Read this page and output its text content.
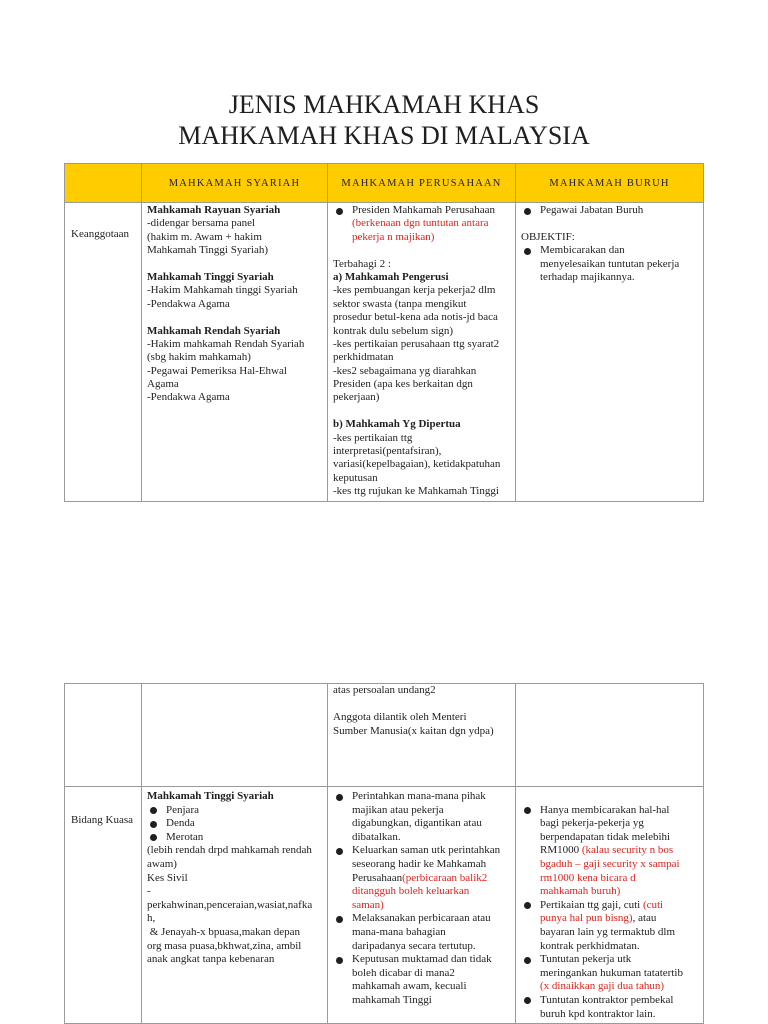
JENIS MAHKAMAH KHAS
MAHKAMAH KHAS DI MALAYSIA
MAHKAMAH SYARIAH	MAHKAMAH PERUSAHAAN	MAHKAMAH BURUH

Keanggotaan

Mahkamah Rayuan Syariah
-didengar bersama panel
(hakim m. Awam + hakim
Mahkamah Tinggi Syariah)
Mahkamah Tinggi Syariah
-Hakim Mahkamah tinggi Syariah
-Pendakwa Agama
Mahkamah Rendah Syariah
-Hakim mahkamah Rendah Syariah
(sbg hakim mahkamah)
-Pegawai Pemeriksa Hal-Ehwal
Agama
-Pendakwa Agama
Presiden Mahkamah Perusahaan
(berkenaan dgn tuntutan antara
pekerja n majikan)
Terbahagi 2 :
a) Mahkamah Pengerusi
-kes pembuangan kerja pekerja2 dlm
sektor swasta (tanpa mengikut
prosedur betul-kena ada notis-jd baca
kontrak dulu sebelum sign)
-kes pertikaian perusahaan ttg syarat2
perkhidmatan
-kes2 sebagaimana yg diarahkan
Presiden (apa kes berkaitan dgn
pekerjaan)
b) Mahkamah Yg Dipertua
-kes pertikaian ttg
interpretasi(pentafsiran),
variasi(kepelbagaian), ketidakpatuhan
keputusan
-kes ttg rujukan ke Mahkamah Tinggi
Pegawai Jabatan Buruh
OBJEKTIF:
Membicarakan dan
menyelesaikan tuntutan pekerja
terhadap majikannya.
atas persoalan undang2
Anggota dilantik oleh Menteri
Sumber Manusia(x kaitan dgn ydpa)

Bidang Kuasa

Mahkamah Tinggi Syariah
Penjara
Denda
Merotan
(lebih rendah drpd mahkamah rendah
awam)
Kes Sivil
-
perkahwinan,penceraian,wasiat,nafka
h,
& Jenayah-x bpuasa,makan depan
org masa puasa,bkhwat,zina, ambil
anak angkat tanpa kebenaran
Perintahkan mana-mana pihak
majikan atau pekerja
digabungkan, digantikan atau
dibatalkan.
Keluarkan saman utk perintahkan
seseorang hadir ke Mahkamah
Perusahaan(perbicaraan balik2
ditangguh boleh keluarkan
saman)
Melaksanakan perbicaraan atau
mana-mana bahagian
daripadanya secara tertutup.
Keputusan muktamad dan tidak
boleh dicabar di mana2
mahkamah awam, kecuali
mahkamah Tinggi
Hanya membicarakan hal-hal
bagi pekerja-pekerja yg
berpendapatan tidak melebihi
RM1000 (kalau security n bos
bgaduh – gaji security x sampai
rm1000 kena bicara d
mahkamah buruh)
Pertikaian ttg gaji, cuti (cuti
punya hal pun bisng), atau
bayaran lain yg termaktub dlm
kontrak perkhidmatan.
Tuntutan pekerja utk
meringankan hukuman tatatertib
(x dinaikkan gaji dua tahun)
Tuntutan kontraktor pembekal
buruh kpd kontraktor lain.
